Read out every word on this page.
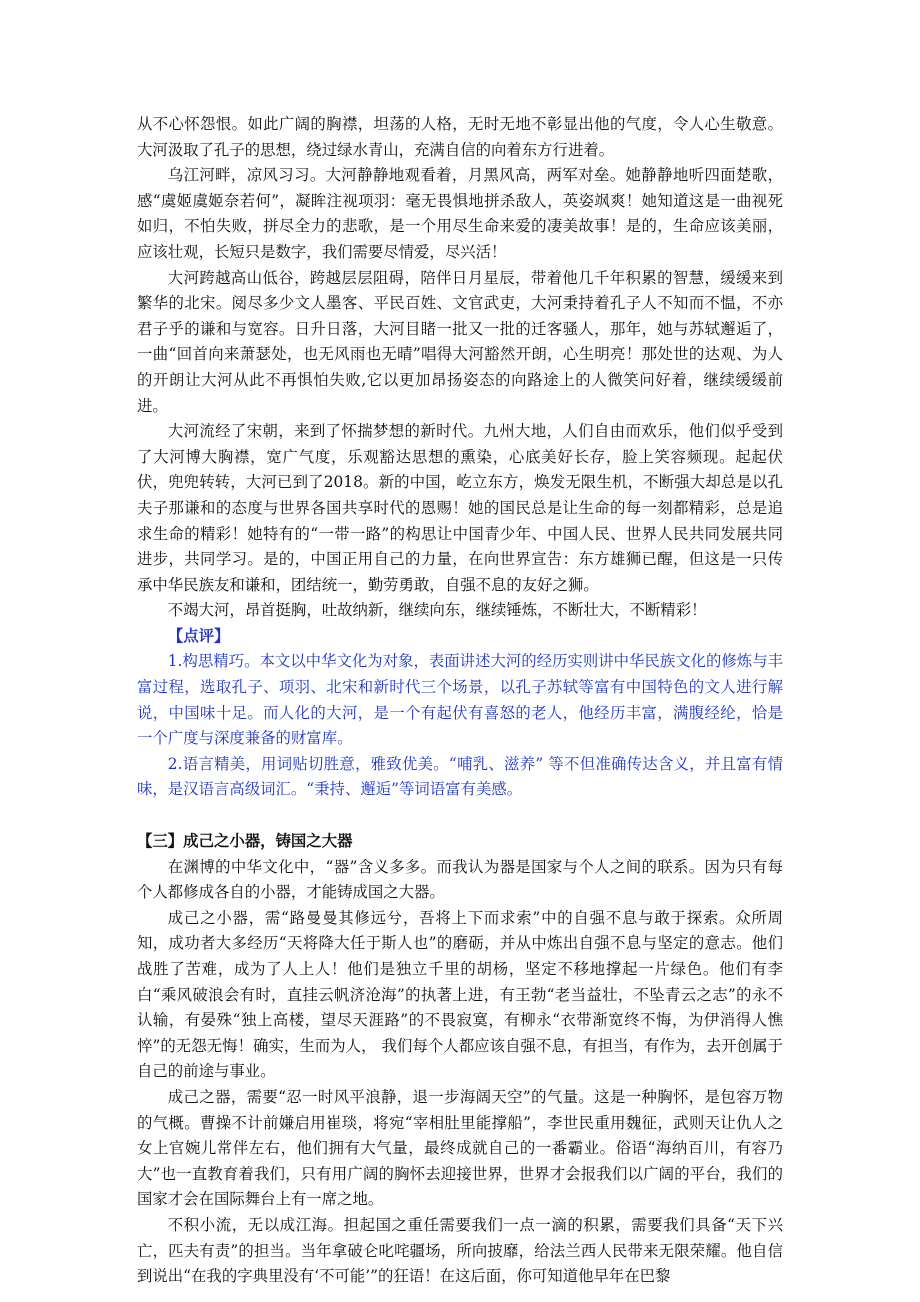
从不心怀怨恨。如此广阔的胸襟，坦荡的人格，无时无地不彰显出他的气度，令人心生敬意。大河汲取了孔子的思想，绕过绿水青山，充满自信的向着东方行进着。

乌江河畔，凉风习习。大河静静地观看着，月黑风高，两军对垒。她静静地听四面楚歌，感“虞姬虞姬奈若何”，凝眸注视项羽：毫无畏惧地拼杀敌人，英姿飒爽！她知道这是一曲视死如归，不怕失败，拼尽全力的悲歌，是一个用尽生命来爱的凄美故事！是的，生命应该美丽，应该壮观，长短只是数字，我们需要尽情爱，尽兴活！

大河跨越高山低谷，跨越层层阻碍，陪伴日月星辰，带着他几千年积累的智慧，缓缓来到繁华的北宋。阅尽多少文人墨客、平民百姓、文官武吏，大河秉持着孔子人不知而不愠，不亦君子乎的谦和与宽容。日升日落，大河目睹一批又一批的迁客骚人，那年，她与苏轼邂逅了，一曲“回首向来萧瑟处，也无风雨也无晴”唱得大河豁然开朗，心生明亮！那处世的达观、为人的开朗让大河从此不再惧怕失败,它以更加昂扬姿态的向路途上的人微笑问好着，继续缓缓前进。

大河流经了宋朝，来到了怀揣梦想的新时代。九州大地，人们自由而欢乐，他们似乎受到了大河博大胸襟，宽广气度，乐观豁达思想的熏染，心底美好长存，脸上笑容频现。起起伏伏，兜兜转转，大河已到了2018。新的中国，屹立东方，焕发无限生机，不断强大却总是以孔夫子那谦和的态度与世界各国共享时代的恩赐！她的国民总是让生命的每一刻都精彩，总是追求生命的精彩！她特有的“一带一路”的构思让中国青少年、中国人民、世界人民共同发展共同进步，共同学习。是的，中国正用自己的力量，在向世界宣告：东方雄狮已醒，但这是一只传承中华民族友和谦和，团结统一，勤劳勇敢，自强不息的友好之狮。

不竭大河，昂首挺胸，吐故纳新，继续向东，继续锤炼，不断壮大，不断精彩！

【点评】

1.构思精巧。本文以中华文化为对象，表面讲述大河的经历实则讲中华民族文化的修炼与丰富过程，选取孔子、项羽、北宋和新时代三个场景，以孔子苏轼等富有中国特色的文人进行解说，中国味十足。而人化的大河，是一个有起伏有喜怒的老人，他经历丰富，满腹经纶，恰是一个广度与深度兼备的财富库。

2.语言精美，用词贴切胜意，雅致优美。“哺乳、滋养” 等不但准确传达含义，并且富有情味，是汉语言高级词汇。“秉持、邂逅”等词语富有美感。

【三】成己之小器，铸国之大器

在渊博的中华文化中，“器”含义多多。而我认为器是国家与个人之间的联系。因为只有每个人都修成各自的小器，才能铸成国之大器。

成己之小器，需“路曼曼其修远兮，吾将上下而求索”中的自强不息与敢于探索。众所周知，成功者大多经历“天将降大任于斯人也”的磨砺，并从中炼出自强不息与坚定的意志。他们战胜了苦难，成为了人上人！他们是独立千里的胡杨，坚定不移地撑起一片绿色。他们有李白“乘风破浪会有时，直挂云帆济沧海”的执著上进，有王勃“老当益壮，不坠青云之志”的永不认输，有晏殊“独上高楼，望尽天涯路”的不畏寂寞，有柳永“衣带渐宽终不悔，为伊消得人憔悴”的无怨无悔！确实，生而为人， 我们每个人都应该自强不息，有担当，有作为，去开创属于自己的前途与事业。

成己之器，需要“忍一时风平浪静，退一步海阔天空”的气量。这是一种胸怀，是包容万物的气概。曹操不计前嫌启用崔琰，将宛“宰相肚里能撑船”，李世民重用魏征，武则天让仇人之女上官婉儿常伴左右，他们拥有大气量，最终成就自己的一番霸业。俗语“海纳百川，有容乃大”也一直教育着我们，只有用广阔的胸怀去迎接世界，世界才会报我们以广阔的平台，我们的国家才会在国际舞台上有一席之地。

不积小流，无以成江海。担起国之重任需要我们一点一滴的积累，需要我们具备“天下兴亡，匹夫有责”的担当。当年拿破仑叱咤疆场，所向披靡，给法兰西人民带来无限荣耀。他自信到说出“在我的字典里没有‘不可能’”的狂语！在这后面，你可知道他早年在巴黎
